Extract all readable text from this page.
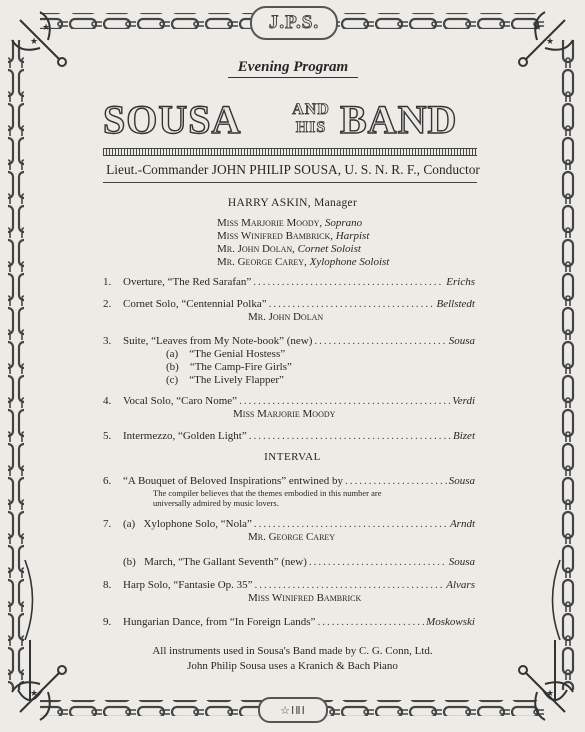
★
★
★
★
★	★
J.P.S.
☆ⅠⅡⅠ
Evening Program
SOUSA	AND
HIS BAND
Lieut.-Commander JOHN PHILIP SOUSA, U. S. N. R. F., Conductor
HARRY ASKIN, Manager
Miss Marjorie Moody, Soprano
Miss Winifred Bambrick, Harpist
Mr. John Dolan, Cornet Soloist
Mr. George Carey, Xylophone Soloist
1.	Overture, “The Red Sarafan” .....	Erichs
2.	Cornet Solo, “Centennial Polka” .....	Bellstedt
Mr. John Dolan
3.	Suite, “Leaves from My Note-book” (new) .....	Sousa
(a) “The Genial Hostess”
(b) “The Camp-Fire Girls”
(c) “The Lively Flapper”
4.	Vocal Solo, “Caro Nome” .....	Verdi
Miss Marjorie Moody
5.	Intermezzo, “Golden Light” .....	Bizet
INTERVAL
6.	“A Bouquet of Beloved Inspirations” entwined by .....	Sousa
The compiler believes that the themes embodied in this number are
universally admired by music lovers.
7.	(a)   Xylophone Solo, “Nola” .....	Arndt
Mr. George Carey
(b)   March, “The Gallant Seventh” (new) .....	Sousa
8.	Harp Solo, “Fantasie Op. 35” .....	Alvars
Miss Winifred Bambrick
9.	Hungarian Dance, from “In Foreign Lands” .....	Moskowski
All instruments used in Sousa's Band made by C. G. Conn, Ltd.
John Philip Sousa uses a Kranich & Bach Piano
